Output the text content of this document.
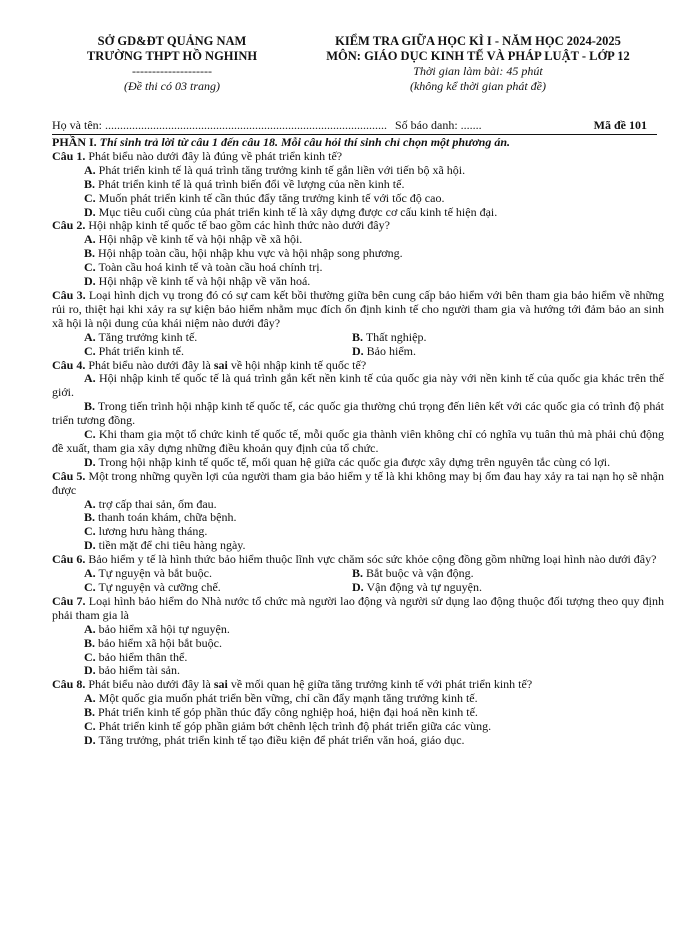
SỞ GD&ĐT QUẢNG NAM
TRƯỜNG THPT HỒ NGHINH
--------------------
(Đề thi có 03 trang)
KIỂM TRA GIỮA HỌC KÌ I - NĂM HỌC 2024-2025
MÔN: GIÁO DỤC KINH TẾ VÀ PHÁP LUẬT - LỚP 12
Thời gian làm bài: 45 phút
(không kể thời gian phát đề)
Họ và tên: .............................................................................................. Số báo danh: .......	Mã đề 101

PHẦN I. Thí sinh trả lời từ câu 1 đến câu 18. Mỗi câu hỏi thí sinh chỉ chọn một phương án.

Câu 1. Phát biểu nào dưới đây là đúng về phát triển kinh tế?

A. Phát triển kinh tế là quá trình tăng trưởng kinh tế gắn liền với tiến bộ xã hội.

B. Phát triển kinh tế là quá trình biến đổi về lượng của nền kinh tế.

C. Muốn phát triển kinh tế cần thúc đẩy tăng trưởng kinh tế với tốc độ cao.

D. Mục tiêu cuối cùng của phát triển kinh tế là xây dựng được cơ cấu kinh tế hiện đại.

Câu 2. Hội nhập kinh tế quốc tế bao gồm các hình thức nào dưới đây?

A. Hội nhập về kinh tế và hội nhập về xã hội.

B. Hội nhập toàn cầu, hội nhập khu vực và hội nhập song phương.

C. Toàn cầu hoá kinh tế và toàn cầu hoá chính trị.

D. Hội nhập về kinh tế và hội nhập về văn hoá.

Câu 3. Loại hình dịch vụ trong đó có sự cam kết bồi thường giữa bên cung cấp bảo hiểm với bên tham gia bảo hiểm về những rủi ro, thiệt hại khi xảy ra sự kiện bảo hiểm nhằm mục đích ổn định kinh tế cho người tham gia và hướng tới đảm bảo an sinh xã hội là nội dung của khái niệm nào dưới đây?

A. Tăng trưởng kinh tế.	B. Thất nghiệp.
C. Phát triển kinh tế.	D. Bảo hiểm.

Câu 4. Phát biểu nào dưới đây là sai về hội nhập kinh tế quốc tế?

A. Hội nhập kinh tế quốc tế là quá trình gắn kết nền kinh tế của quốc gia này với nền kinh tế của quốc gia khác trên thế giới.

B. Trong tiến trình hội nhập kinh tế quốc tế, các quốc gia thường chú trọng đến liên kết với các quốc gia có trình độ phát triển tương đồng.

C. Khi tham gia một tổ chức kinh tế quốc tế, mỗi quốc gia thành viên không chỉ có nghĩa vụ tuân thủ mà phải chủ động đề xuất, tham gia xây dựng những điều khoản quy định của tổ chức.

D. Trong hội nhập kinh tế quốc tế, mối quan hệ giữa các quốc gia được xây dựng trên nguyên tắc cùng có lợi.

Câu 5. Một trong những quyền lợi của người tham gia bảo hiểm y tế là khi không may bị ốm đau hay xảy ra tai nạn họ sẽ nhận được

A. trợ cấp thai sản, ốm đau.

B. thanh toán khám, chữa bệnh.

C. lương hưu hàng tháng.

D. tiền mặt để chi tiêu hàng ngày.

Câu 6. Bảo hiểm y tế là hình thức bảo hiểm thuộc lĩnh vực chăm sóc sức khỏe cộng đồng gồm những loại hình nào dưới đây?

A. Tự nguyện và bắt buộc.	B. Bắt buộc và vận động.
C. Tự nguyện và cưỡng chế.	D. Vận động và tự nguyện.

Câu 7. Loại hình bảo hiểm do Nhà nước tổ chức mà người lao động và người sử dụng lao động thuộc đối tượng theo quy định phải tham gia là

A. bảo hiểm xã hội tự nguyện.

B. bảo hiểm xã hội bắt buộc.

C. bảo hiểm thân thể.

D. bảo hiểm tài sản.

Câu 8. Phát biểu nào dưới đây là sai về mối quan hệ giữa tăng trưởng kinh tế với phát triển kinh tế?

A. Một quốc gia muốn phát triển bền vững, chỉ cần đẩy mạnh tăng trưởng kinh tế.

B. Phát triển kinh tế góp phần thúc đẩy công nghiệp hoá, hiện đại hoá nền kinh tế.

C. Phát triển kinh tế góp phần giảm bớt chênh lệch trình độ phát triển giữa các vùng.

D. Tăng trưởng, phát triển kinh tế tạo điều kiện để phát triển văn hoá, giáo dục.
